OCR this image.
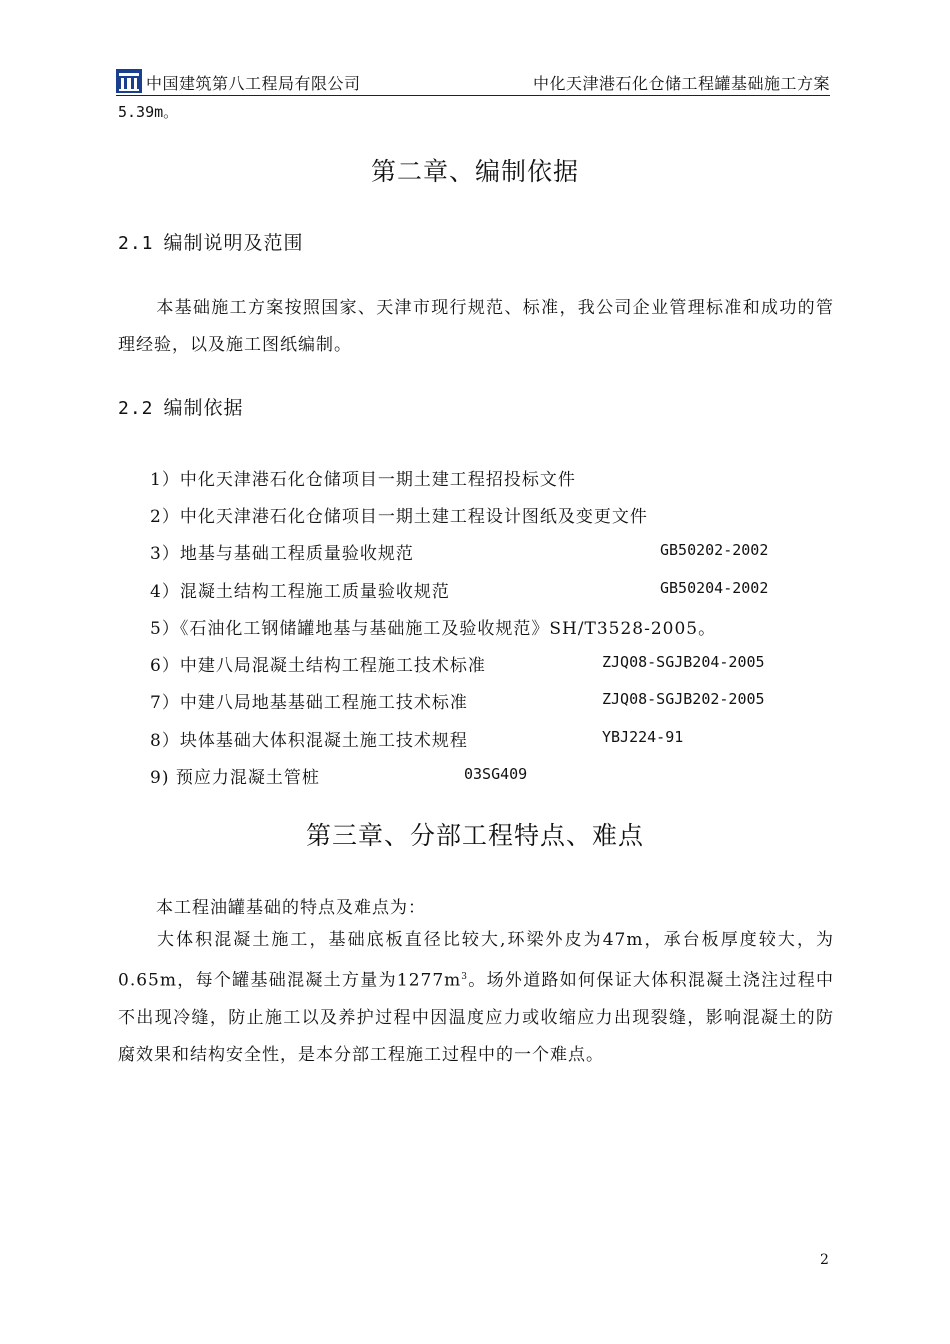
中国建筑第八工程局有限公司	中化天津港石化仓储工程罐基础施工方案
5.39m。
第二章、编制依据
2.1 编制说明及范围
本基础施工方案按照国家、天津市现行规范、标准，我公司企业管理标准和成功的管理经验，以及施工图纸编制。
2.2 编制依据
1）中化天津港石化仓储项目一期土建工程招投标文件
2）中化天津港石化仓储项目一期土建工程设计图纸及变更文件
3）地基与基础工程质量验收规范	GB50202-2002
4）混凝土结构工程施工质量验收规范	GB50204-2002
5）《石油化工钢储罐地基与基础施工及验收规范》SH/T3528-2005。
6）中建八局混凝土结构工程施工技术标准	ZJQ08-SGJB204-2005
7）中建八局地基基础工程施工技术标准	ZJQ08-SGJB202-2005
8）块体基础大体积混凝土施工技术规程	YBJ224-91
9) 预应力混凝土管桩	03SG409
第三章、分部工程特点、难点
本工程油罐基础的特点及难点为：
大体积混凝土施工，基础底板直径比较大,环梁外皮为47m，承台板厚度较大，为0.65m，每个罐基础混凝土方量为$1277m^3$。场外道路如何保证大体积混凝土浇注过程中不出现冷缝，防止施工以及养护过程中因温度应力或收缩应力出现裂缝，影响混凝土的防腐效果和结构安全性，是本分部工程施工过程中的一个难点。
2
